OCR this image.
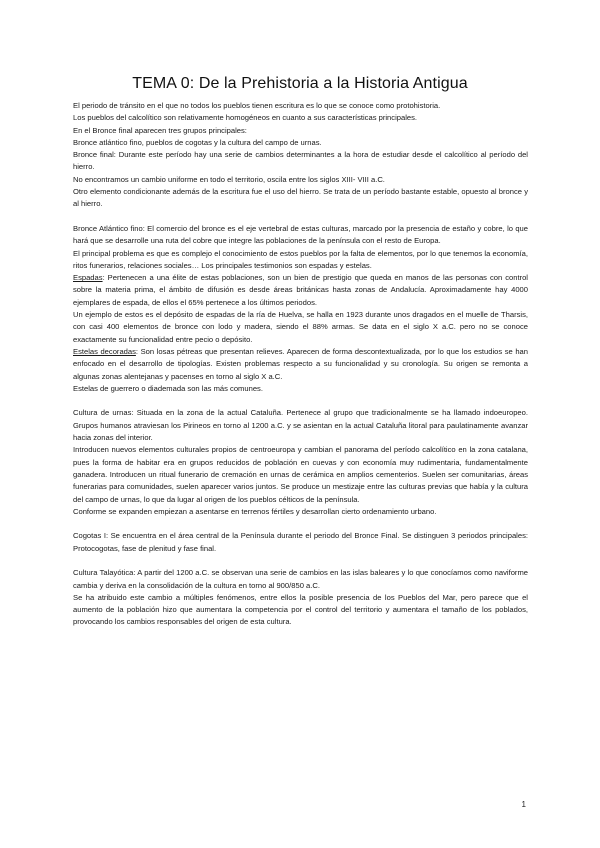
TEMA 0: De la Prehistoria a la Historia Antigua

El periodo de tránsito en el que no todos los pueblos tienen escritura es lo que se conoce como protohistoria.

Los pueblos del calcolítico son relativamente homogéneos en cuanto a sus características principales.

En el Bronce final aparecen tres grupos principales:

Bronce atlántico fino, pueblos de cogotas y la cultura del campo de urnas.

Bronce final: Durante este período hay una serie de cambios determinantes a la hora de estudiar desde el calcolítico al período del hierro.

No encontramos un cambio uniforme en todo el territorio, oscila entre los siglos XIII- VIII a.C.

Otro elemento condicionante además de la escritura fue el uso del hierro. Se trata de un período bastante estable, opuesto al bronce y al hierro.

Bronce Atlántico fino: El comercio del bronce es el eje vertebral de estas culturas, marcado por la presencia de estaño y cobre, lo que hará que se desarrolle una ruta del cobre que integre las poblaciones de la península con el resto de Europa.

El principal problema es que es complejo el conocimiento de estos pueblos por la falta de elementos, por lo que tenemos la economía, ritos funerarios, relaciones sociales… Los principales testimonios son espadas y estelas.

Espadas: Pertenecen a una élite de estas poblaciones, son un bien de prestigio que queda en manos de las personas con control sobre la materia prima, el ámbito de difusión es desde áreas británicas hasta zonas de Andalucía. Aproximadamente hay 4000 ejemplares de espada, de ellos el 65% pertenece a los últimos periodos.

Un ejemplo de estos es el depósito de espadas de la ría de Huelva, se halla en 1923 durante unos dragados en el muelle de Tharsis, con casi 400 elementos de bronce con lodo y madera, siendo el 88% armas. Se data en el siglo X a.C. pero no se conoce exactamente su funcionalidad entre pecio o depósito.

Estelas decoradas: Son losas pétreas que presentan relieves. Aparecen de forma descontextualizada, por lo que los estudios se han enfocado en el desarrollo de tipologías. Existen problemas respecto a su funcionalidad y su cronología. Su origen se remonta a algunas zonas alentejanas y pacenses en torno al siglo X a.C.

Estelas de guerrero o diademada son las más comunes.

Cultura de urnas: Situada en la zona de la actual Cataluña. Pertenece al grupo que tradicionalmente se ha llamado indoeuropeo. Grupos humanos atraviesan los Pirineos en torno al 1200 a.C. y se asientan en la actual Cataluña litoral para paulatinamente avanzar hacia zonas del interior.

Introducen nuevos elementos culturales propios de centroeuropa y cambian el panorama del período calcolítico en la zona catalana, pues la forma de habitar era en grupos reducidos de población en cuevas y con economía muy rudimentaria, fundamentalmente ganadera. Introducen un ritual funerario de cremación en urnas de cerámica en amplios cementerios. Suelen ser comunitarias, áreas funerarias para comunidades, suelen aparecer varios juntos. Se produce un mestizaje entre las culturas previas que había y la cultura del campo de urnas, lo que da lugar al origen de los pueblos célticos de la península.

Conforme se expanden empiezan a asentarse en terrenos fértiles y desarrollan cierto ordenamiento urbano.

Cogotas I: Se encuentra en el área central de la Península durante el periodo del Bronce Final. Se distinguen 3 periodos principales: Protocogotas, fase de plenitud y fase final.

Cultura Talayótica: A partir del 1200 a.C. se observan una serie de cambios en las islas baleares y lo que conocíamos como naviforme cambia y deriva en la consolidación de la cultura en torno al 900/850 a.C.

Se ha atribuido este cambio a múltiples fenómenos, entre ellos la posible presencia de los Pueblos del Mar, pero parece que el aumento de la población hizo que aumentara la competencia por el control del territorio y aumentara el tamaño de los poblados, provocando los cambios responsables del origen de esta cultura.

1
